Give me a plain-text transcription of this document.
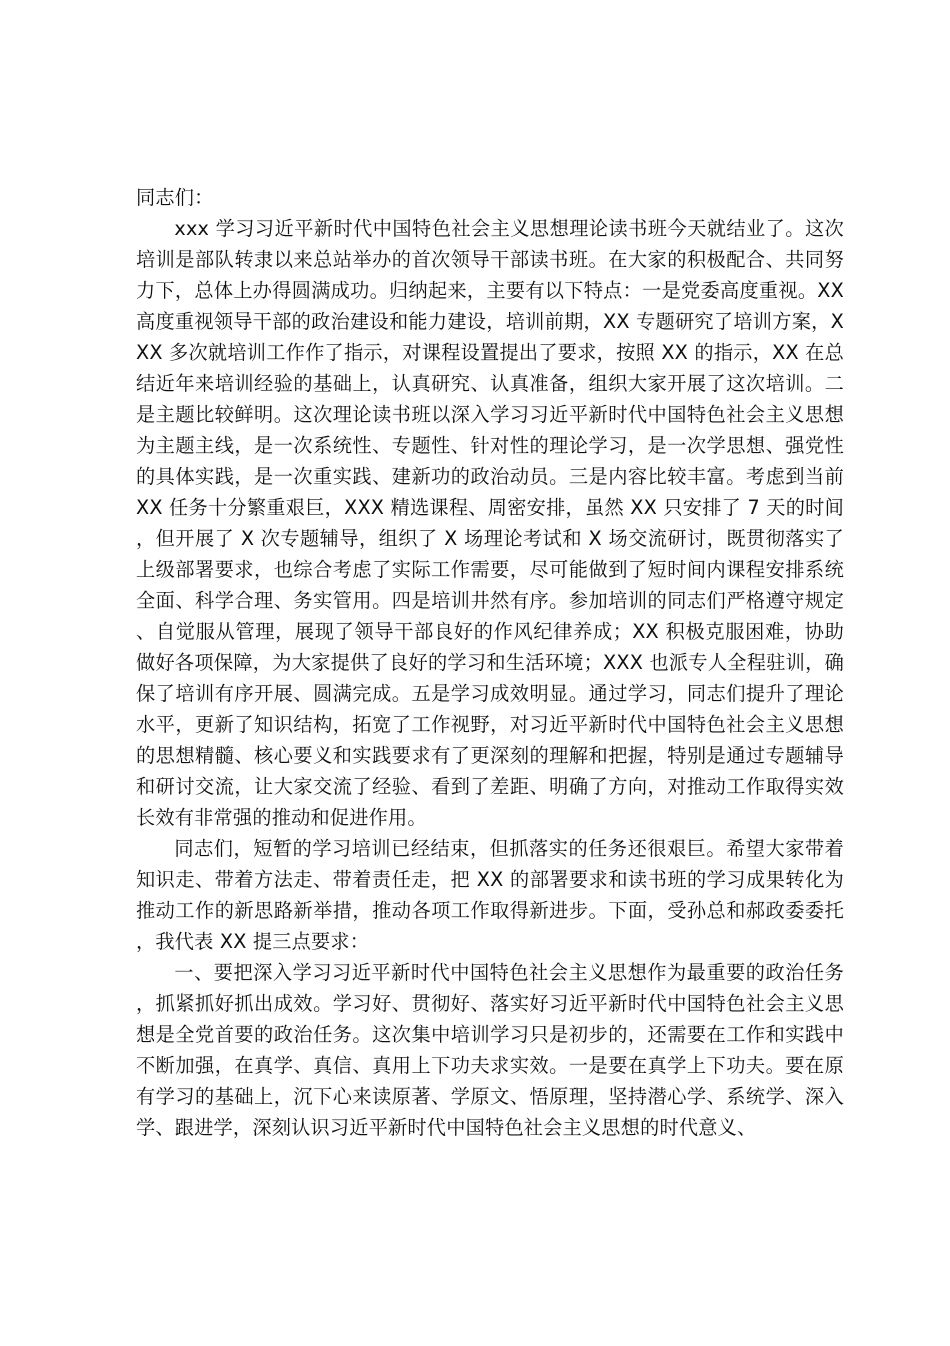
同志们：

xxx 学习习近平新时代中国特色社会主义思想理论读书班今天就结业了。这次培训是部队转隶以来总站举办的首次领导干部读书班。在大家的积极配合、共同努力下，总体上办得圆满成功。归纳起来，主要有以下特点：一是党委高度重视。XX 高度重视领导干部的政治建设和能力建设，培训前期，XX 专题研究了培训方案，XXX 多次就培训工作作了指示，对课程设置提出了要求，按照 XX 的指示，XX 在总结近年来培训经验的基础上，认真研究、认真准备，组织大家开展了这次培训。二是主题比较鲜明。这次理论读书班以深入学习习近平新时代中国特色社会主义思想为主题主线，是一次系统性、专题性、针对性的理论学习，是一次学思想、强党性的具体实践，是一次重实践、建新功的政治动员。三是内容比较丰富。考虑到当前 XX 任务十分繁重艰巨，XXX 精选课程、周密安排，虽然 XX 只安排了 7 天的时间，但开展了 X 次专题辅导，组织了 X 场理论考试和 X 场交流研讨，既贯彻落实了上级部署要求，也综合考虑了实际工作需要，尽可能做到了短时间内课程安排系统全面、科学合理、务实管用。四是培训井然有序。参加培训的同志们严格遵守规定、自觉服从管理，展现了领导干部良好的作风纪律养成；XX 积极克服困难，协助做好各项保障，为大家提供了良好的学习和生活环境；XXX 也派专人全程驻训，确保了培训有序开展、圆满完成。五是学习成效明显。通过学习，同志们提升了理论水平，更新了知识结构，拓宽了工作视野，对习近平新时代中国特色社会主义思想的思想精髓、核心要义和实践要求有了更深刻的理解和把握，特别是通过专题辅导和研讨交流，让大家交流了经验、看到了差距、明确了方向，对推动工作取得实效长效有非常强的推动和促进作用。

同志们，短暂的学习培训已经结束，但抓落实的任务还很艰巨。希望大家带着知识走、带着方法走、带着责任走，把 XX 的部署要求和读书班的学习成果转化为推动工作的新思路新举措，推动各项工作取得新进步。下面，受孙总和郝政委委托，我代表 XX 提三点要求：

一、要把深入学习习近平新时代中国特色社会主义思想作为最重要的政治任务，抓紧抓好抓出成效。学习好、贯彻好、落实好习近平新时代中国特色社会主义思想是全党首要的政治任务。这次集中培训学习只是初步的，还需要在工作和实践中不断加强，在真学、真信、真用上下功夫求实效。一是要在真学上下功夫。要在原有学习的基础上，沉下心来读原著、学原文、悟原理，坚持潜心学、系统学、深入学、跟进学，深刻认识习近平新时代中国特色社会主义思想的时代意义、
